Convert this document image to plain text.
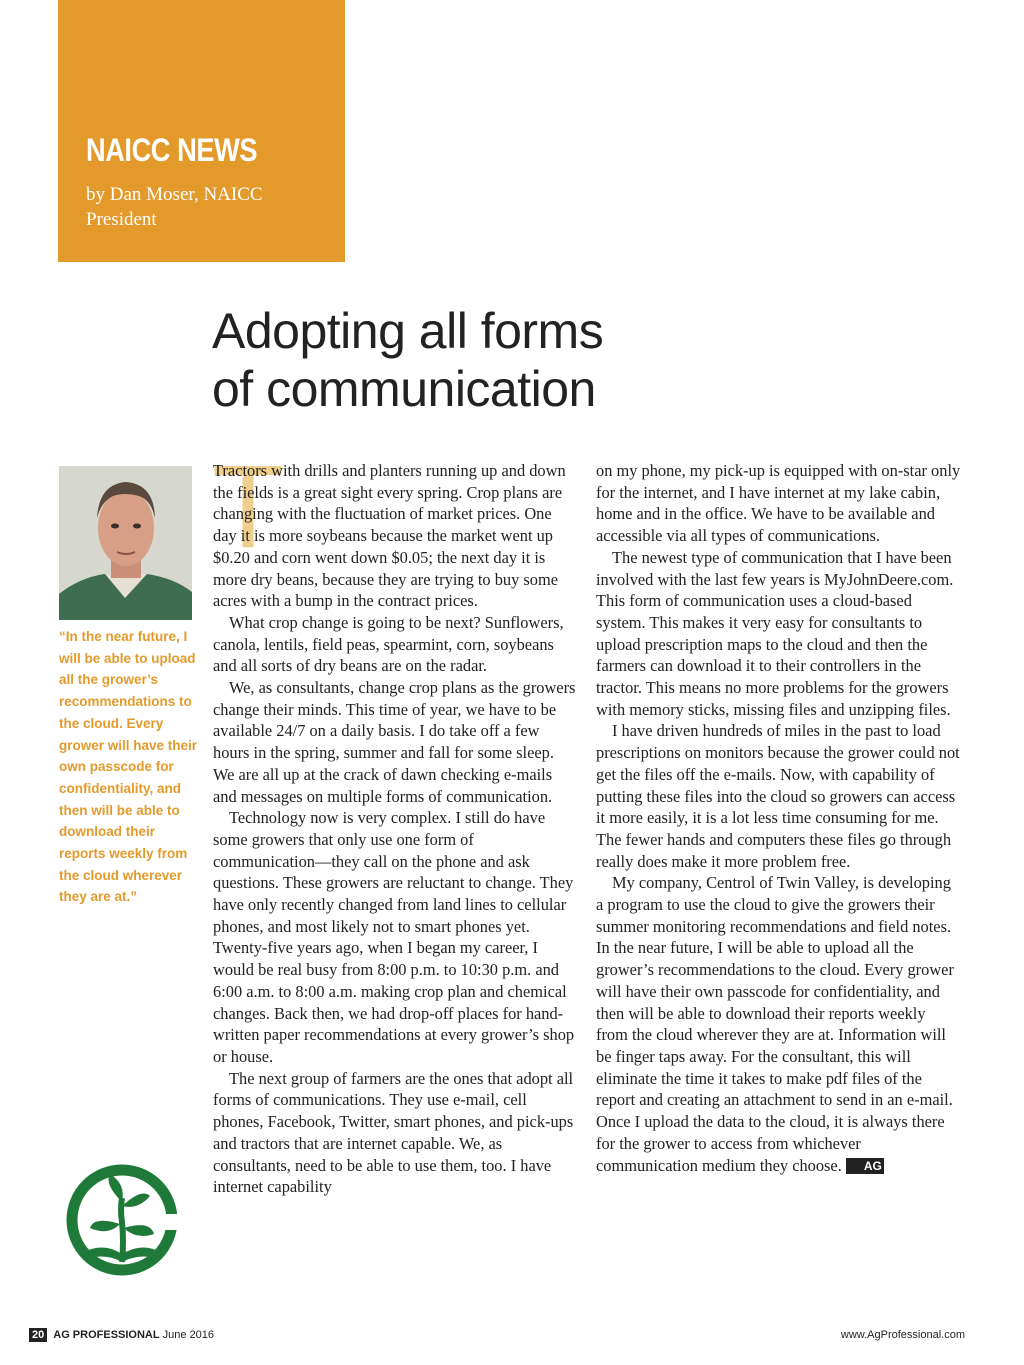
NAICC NEWS
by Dan Moser, NAICC President
Adopting all forms
of communication
“In the near future, I will be able to upload all the grower’s recommendations to the cloud. Every grower will have their own passcode for confidentiality, and then will be able to download their reports weekly from the cloud wherever they are at.”
T

Tractors with drills and planters running up and down the fields is a great sight every spring. Crop plans are changing with the fluctuation of market prices. One day it is more soybeans because the market went up $0.20 and corn went down $0.05; the next day it is more dry beans, because they are trying to buy some acres with a bump in the contract prices.

What crop change is going to be next? Sunflowers, canola, lentils, field peas, spearmint, corn, soybeans and all sorts of dry beans are on the radar.

We, as consultants, change crop plans as the growers change their minds. This time of year, we have to be available 24/7 on a daily basis. I do take off a few hours in the spring, summer and fall for some sleep. We are all up at the crack of dawn checking e-mails and messages on multiple forms of communication.

Technology now is very complex. I still do have some growers that only use one form of communication—they call on the phone and ask questions. These growers are reluctant to change. They have only recently changed from land lines to cellular phones, and most likely not to smart phones yet. Twenty-five years ago, when I began my career, I would be real busy from 8:00 p.m. to 10:30 p.m. and 6:00 a.m. to 8:00 a.m. making crop plan and chemical changes. Back then, we had drop-off places for hand-written paper recommendations at every grower’s shop or house.

The next group of farmers are the ones that adopt all forms of communications. They use e-mail, cell phones, Facebook, Twitter, smart phones, and pick-ups and tractors that are internet capable. We, as consultants, need to be able to use them, too. I have internet capability

on my phone, my pick-up is equipped with on-star only for the internet, and I have internet at my lake cabin, home and in the office. We have to be available and accessible via all types of communications.

The newest type of communication that I have been involved with the last few years is MyJohnDeere.com. This form of communication uses a cloud-based system. This makes it very easy for consultants to upload prescription maps to the cloud and then the farmers can download it to their controllers in the tractor. This means no more problems for the growers with memory sticks, missing files and unzipping files.

I have driven hundreds of miles in the past to load prescriptions on monitors because the grower could not get the files off the e-mails. Now, with capability of putting these files into the cloud so growers can access it more easily, it is a lot less time consuming for me. The fewer hands and computers these files go through really does make it more problem free.

My company, Centrol of Twin Valley, is developing a program to use the cloud to give the growers their summer monitoring recommendations and field notes. In the near future, I will be able to upload all the grower’s recommendations to the cloud. Every grower will have their own passcode for confidentiality, and then will be able to download their reports weekly from the cloud wherever they are at. Information will be finger taps away. For the consultant, this will eliminate the time it takes to make pdf files of the report and creating an attachment to send in an e-mail. Once I upload the data to the cloud, it is always there for the grower to access from whichever communication medium they choose. AG

20 AG PROFESSIONAL June 2016	www.AgProfessional.com
